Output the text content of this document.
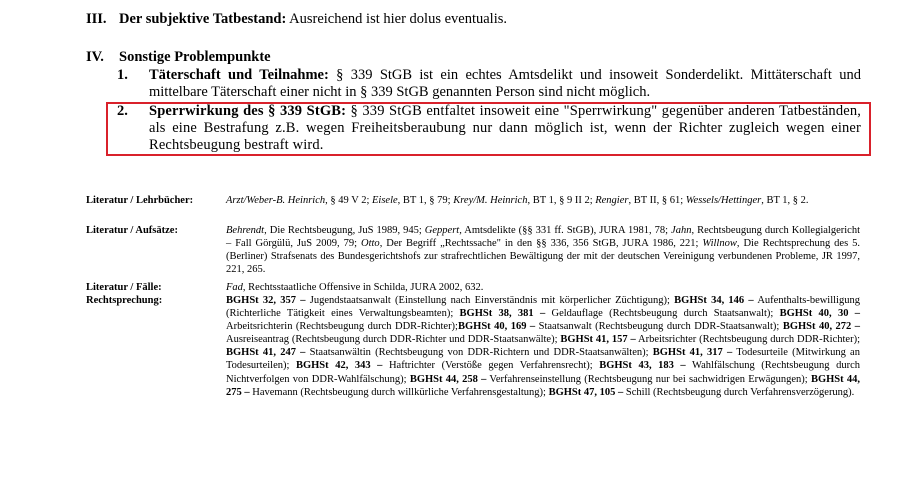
III. Der subjektive Tatbestand: Ausreichend ist hier dolus eventualis.
IV. Sonstige Problempunkte
1. Täterschaft und Teilnahme: § 339 StGB ist ein echtes Amtsdelikt und insoweit Sonderdelikt. Mittäterschaft und mittelbare Täterschaft einer nicht in § 339 StGB genannten Person sind nicht möglich.
2. Sperrwirkung des § 339 StGB: § 339 StGB entfaltet insoweit eine "Sperrwirkung" gegenüber anderen Tatbeständen, als eine Bestrafung z.B. wegen Freiheitsberaubung nur dann möglich ist, wenn der Richter zugleich wegen einer Rechtsbeugung bestraft wird.
Literatur / Lehrbücher:	Arzt/Weber-B. Heinrich, § 49 V 2; Eisele, BT 1, § 79; Krey/M. Heinrich, BT 1, § 9 II 2; Rengier, BT II, § 61; Wessels/Hettinger, BT 1, § 2.
Literatur / Aufsätze:	Behrendt, Die Rechtsbeugung, JuS 1989, 945; Geppert, Amtsdelikte (§§ 331 ff. StGB), JURA 1981, 78; Jahn, Rechtsbeugung durch Kollegialgericht – Fall Görgülü, JuS 2009, 79; Otto, Der Begriff „Rechtssache" in den §§ 336, 356 StGB, JURA 1986, 221; Willnow, Die Rechtsprechung des 5. (Berliner) Strafsenats des Bundesgerichtshofs zur strafrechtlichen Bewältigung der mit der deutschen Vereinigung verbundenen Probleme, JR 1997, 221, 265.
Literatur / Fälle:	Fad, Rechtsstaatliche Offensive in Schilda, JURA 2002, 632.
Rechtsprechung:	BGHSt 32, 357 – Jugendstaatsanwalt (Einstellung nach Einverständnis mit körperlicher Züchtigung); BGHSt 34, 146 – Aufenthalts-bewilligung (Richterliche Tätigkeit eines Verwaltungsbeamten); BGHSt 38, 381 – Geldauflage (Rechtsbeugung durch Staatsanwalt); BGHSt 40, 30 – Arbeitsrichterin (Rechtsbeugung durch DDR-Richter);BGHSt 40, 169 – Staatsanwalt (Rechtsbeugung durch DDR-Staatsanwalt); BGHSt 40, 272 – Ausreiseantrag (Rechtsbeugung durch DDR-Richter und DDR-Staatsanwälte); BGHSt 41, 157 – Arbeitsrichter (Rechtsbeugung durch DDR-Richter); BGHSt 41, 247 – Staatsanwältin (Rechtsbeugung von DDR-Richtern und DDR-Staatsanwälten); BGHSt 41, 317 – Todesurteile (Mitwirkung an Todesurteilen); BGHSt 42, 343 – Haftrichter (Verstöße gegen Verfahrensrecht); BGHSt 43, 183 – Wahlfälschung (Rechtsbeugung durch Nichtverfolgen von DDR-Wahlfälschung); BGHSt 44, 258 – Verfahrenseinstellung (Rechtsbeugung nur bei sachwidrigen Erwägungen); BGHSt 44, 275 – Havemann (Rechtsbeugung durch willkürliche Verfahrensgestaltung); BGHSt 47, 105 – Schill (Rechtsbeugung durch Verfahrensverzögerung).
